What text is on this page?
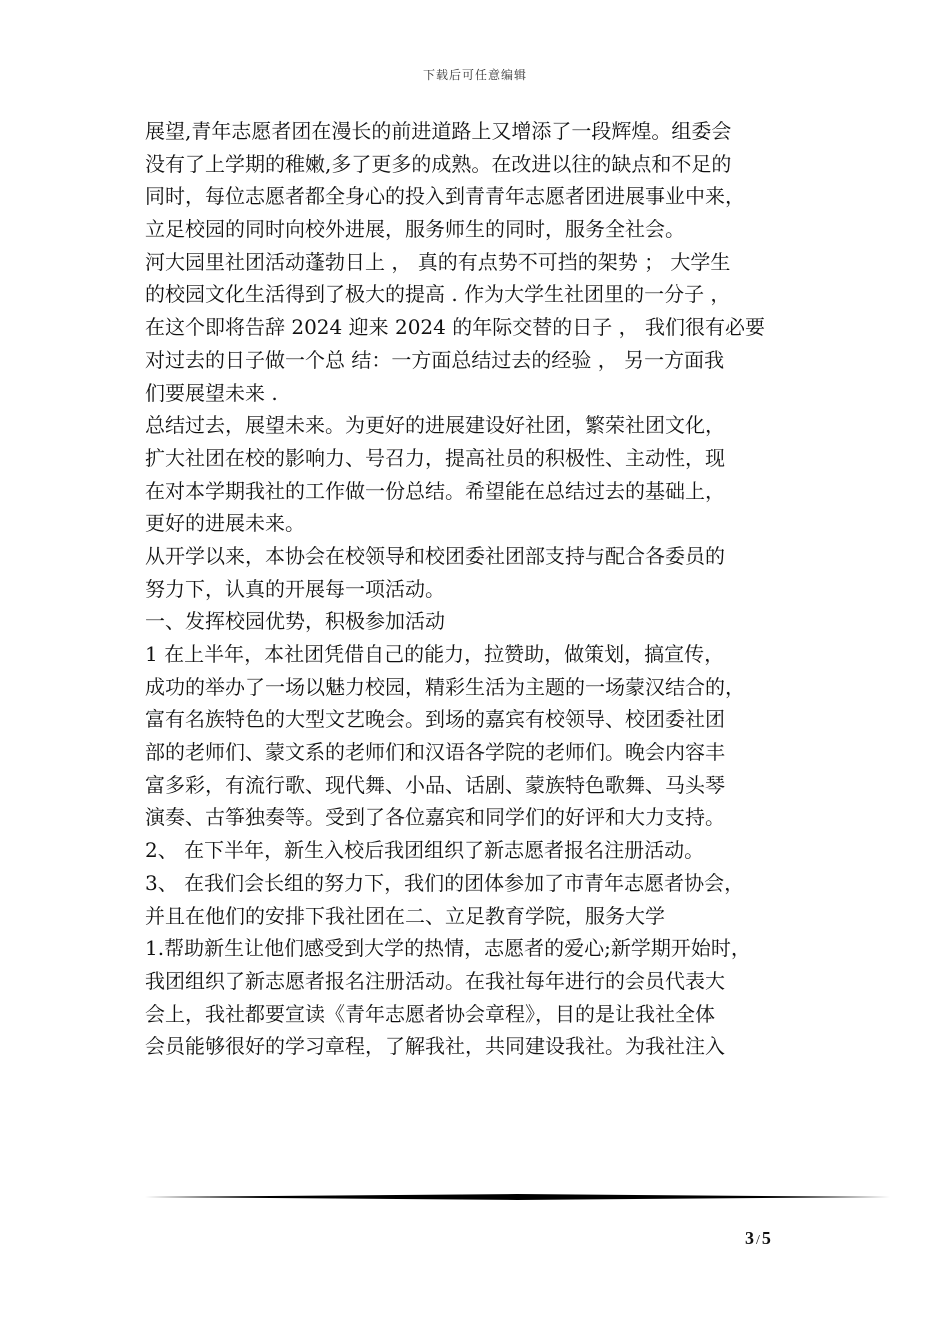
下载后可任意编辑
展望,青年志愿者团在漫长的前进道路上又增添了一段辉煌。组委会
没有了上学期的稚嫩,多了更多的成熟。在改进以往的缺点和不足的
同时，每位志愿者都全身心的投入到青青年志愿者团进展事业中来，
立足校园的同时向校外进展，服务师生的同时，服务全社会。
河大园里社团活动蓬勃日上 ， 真的有点势不可挡的架势 ； 大学生
的校园文化生活得到了极大的提高 . 作为大学生社团里的一分子 ，
在这个即将告辞 2024 迎来 2024 的年际交替的日子 ， 我们很有必要
对过去的日子做一个总 结：一方面总结过去的经验 ， 另一方面我
们要展望未来 .
总结过去，展望未来。为更好的进展建设好社团，繁荣社团文化，
扩大社团在校的影响力、号召力，提高社员的积极性、主动性，现
在对本学期我社的工作做一份总结。希望能在总结过去的基础上，
更好的进展未来。
从开学以来，本协会在校领导和校团委社团部支持与配合各委员的
努力下，认真的开展每一项活动。
一、发挥校园优势，积极参加活动
1 在上半年，本社团凭借自己的能力，拉赞助，做策划，搞宣传，
成功的举办了一场以魅力校园，精彩生活为主题的一场蒙汉结合的，
富有名族特色的大型文艺晚会。到场的嘉宾有校领导、校团委社团
部的老师们、蒙文系的老师们和汉语各学院的老师们。晚会内容丰
富多彩，有流行歌、现代舞、小品、话剧、蒙族特色歌舞、马头琴
演奏、古筝独奏等。受到了各位嘉宾和同学们的好评和大力支持。
2、 在下半年，新生入校后我团组织了新志愿者报名注册活动。
3、 在我们会长组的努力下，我们的团体参加了市青年志愿者协会，
并且在他们的安排下我社团在二、立足教育学院，服务大学
1.帮助新生让他们感受到大学的热情，志愿者的爱心;新学期开始时，
我团组织了新志愿者报名注册活动。在我社每年进行的会员代表大
会上，我社都要宣读《青年志愿者协会章程》，目的是让我社全体
会员能够很好的学习章程，了解我社，共同建设我社。为我社注入
3 / 5
